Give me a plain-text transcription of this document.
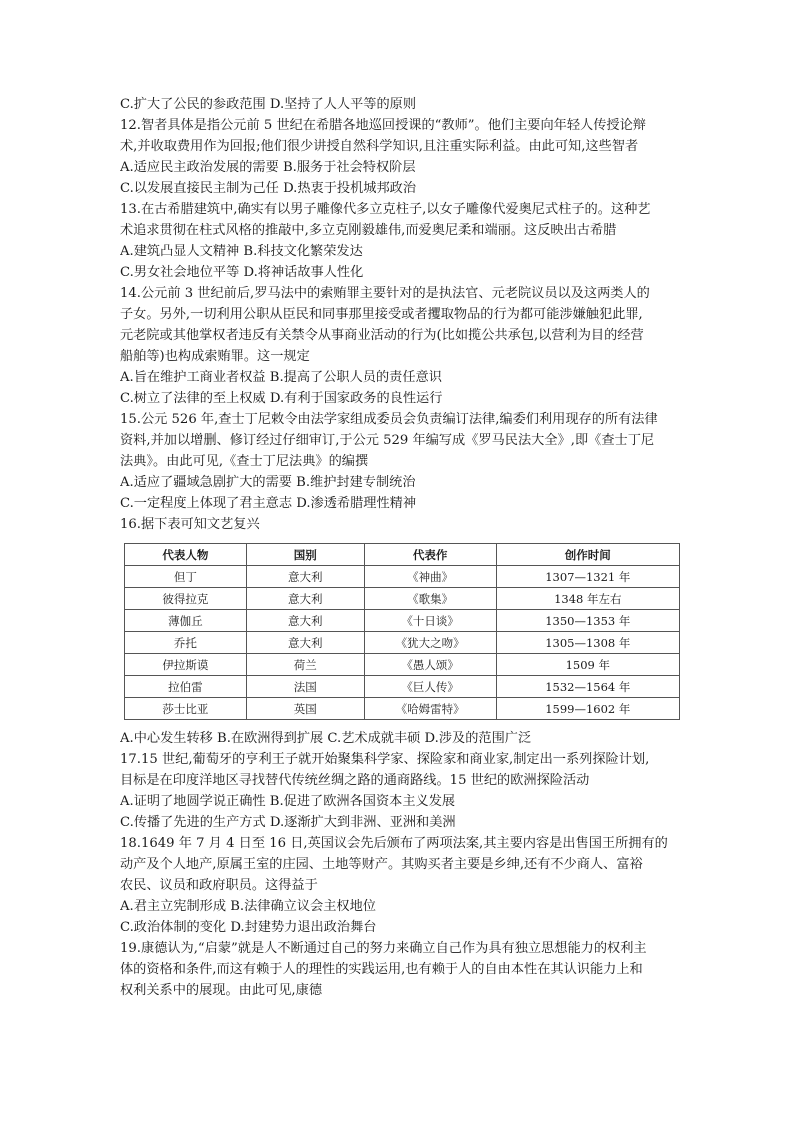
C.扩大了公民的参政范围 D.坚持了人人平等的原则
12.智者具体是指公元前 5 世纪在希腊各地巡回授课的“教师”。他们主要向年轻人传授论辩
术,并收取费用作为回报;他们很少讲授自然科学知识,且注重实际利益。由此可知,这些智者
A.适应民主政治发展的需要 B.服务于社会特权阶层
C.以发展直接民主制为己任 D.热衷于投机城邦政治
13.在古希腊建筑中,确实有以男子雕像代多立克柱子,以女子雕像代爱奥尼式柱子的。这种艺
术追求贯彻在柱式风格的推敲中,多立克刚毅雄伟,而爱奥尼柔和端丽。这反映出古希腊
A.建筑凸显人文精神 B.科技文化繁荣发达
C.男女社会地位平等 D.将神话故事人性化
14.公元前 3 世纪前后,罗马法中的索贿罪主要针对的是执法官、元老院议员以及这两类人的
子女。另外,一切利用公职从臣民和同事那里接受或者攫取物品的行为都可能涉嫌触犯此罪,
元老院或其他掌权者违反有关禁令从事商业活动的行为(比如揽公共承包,以营利为目的经营
船舶等)也构成索贿罪。这一规定
A.旨在维护工商业者权益 B.提高了公职人员的责任意识
C.树立了法律的至上权威 D.有利于国家政务的良性运行
15.公元 526 年,查士丁尼敕令由法学家组成委员会负责编订法律,编委们利用现存的所有法律
资料,并加以增删、修订经过仔细审订,于公元 529 年编写成《罗马民法大全》,即《查士丁尼
法典》。由此可见,《查士丁尼法典》的编撰
A.适应了疆域急剧扩大的需要 B.维护封建专制统治
C.一定程度上体现了君主意志 D.渗透希腊理性精神
16.据下表可知文艺复兴
代表人物	国别	代表作	创作时间
但丁	意大利	《神曲》	1307—1321 年
彼得拉克	意大利	《歌集》	1348 年左右
薄伽丘	意大利	《十日谈》	1350—1353 年
乔托	意大利	《犹大之吻》	1305—1308 年
伊拉斯谟	荷兰	《愚人颂》	1509 年
拉伯雷	法国	《巨人传》	1532—1564 年
莎士比亚	英国	《哈姆雷特》	1599—1602 年
A.中心发生转移 B.在欧洲得到扩展 C.艺术成就丰硕 D.涉及的范围广泛
17.15 世纪,葡萄牙的亨利王子就开始聚集科学家、探险家和商业家,制定出一系列探险计划,
目标是在印度洋地区寻找替代传统丝绸之路的通商路线。15 世纪的欧洲探险活动
A.证明了地圆学说正确性 B.促进了欧洲各国资本主义发展
C.传播了先进的生产方式 D.逐渐扩大到非洲、亚洲和美洲
18.1649 年 7 月 4 日至 16 日,英国议会先后颁布了两项法案,其主要内容是出售国王所拥有的
动产及个人地产,原属王室的庄园、土地等财产。其购买者主要是乡绅,还有不少商人、富裕
农民、议员和政府职员。这得益于
A.君主立宪制形成 B.法律确立议会主权地位
C.政治体制的变化 D.封建势力退出政治舞台
19.康德认为,“启蒙”就是人不断通过自己的努力来确立自己作为具有独立思想能力的权利主
体的资格和条件,而这有赖于人的理性的实践运用,也有赖于人的自由本性在其认识能力上和
权利关系中的展现。由此可见,康德
